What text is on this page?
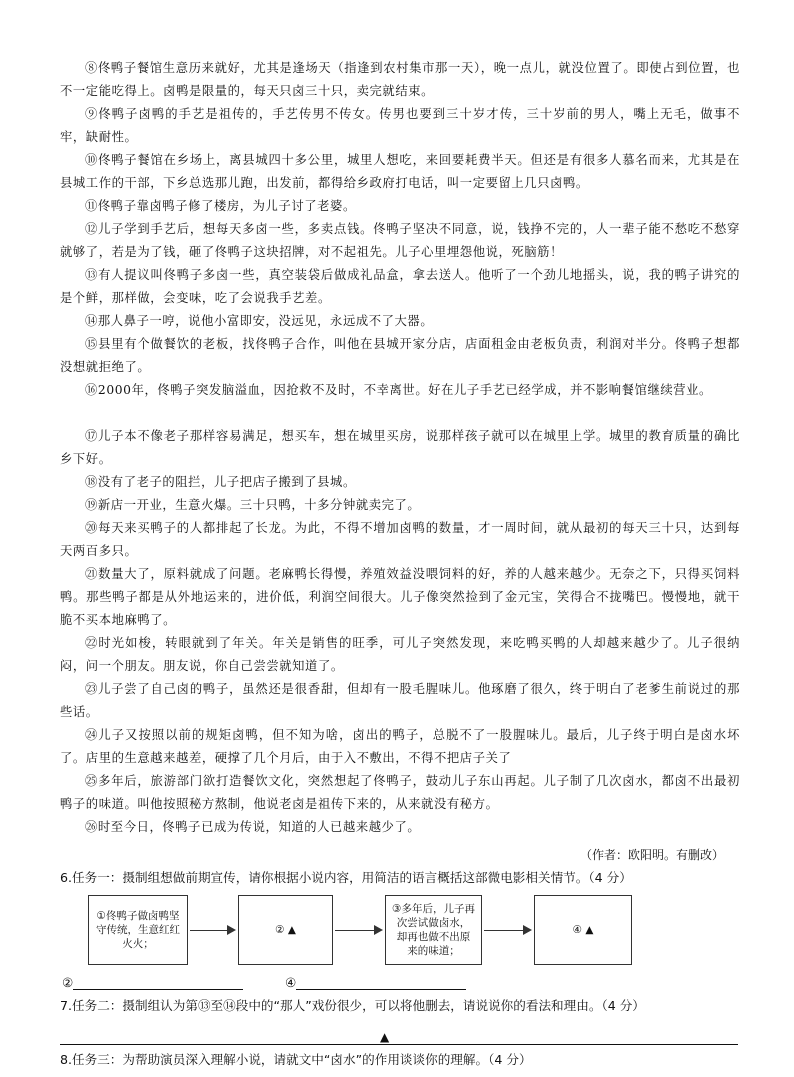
⑧佟鸭子餐馆生意历来就好，尤其是逢场天（指逢到农村集市那一天），晚一点儿，就没位置了。即使占到位置，也不一定能吃得上。卤鸭是限量的，每天只卤三十只，卖完就结束。

⑨佟鸭子卤鸭的手艺是祖传的，手艺传男不传女。传男也要到三十岁才传，三十岁前的男人，嘴上无毛，做事不牢，缺耐性。

⑩佟鸭子餐馆在乡场上，离县城四十多公里，城里人想吃，来回要耗费半天。但还是有很多人慕名而来，尤其是在县城工作的干部，下乡总选那儿跑，出发前，都得给乡政府打电话，叫一定要留上几只卤鸭。

⑪佟鸭子靠卤鸭子修了楼房，为儿子讨了老婆。

⑫儿子学到手艺后，想每天多卤一些，多卖点钱。佟鸭子坚决不同意，说，钱挣不完的，人一辈子能不愁吃不愁穿就够了，若是为了钱，砸了佟鸭子这块招牌，对不起祖先。儿子心里埋怨他说，死脑筋！

⑬有人提议叫佟鸭子多卤一些，真空装袋后做成礼品盒，拿去送人。他听了一个劲儿地摇头，说，我的鸭子讲究的是个鲜，那样做，会变味，吃了会说我手艺差。

⑭那人鼻子一哼，说他小富即安，没远见，永远成不了大器。

⑮县里有个做餐饮的老板，找佟鸭子合作，叫他在县城开家分店，店面租金由老板负责，利润对半分。佟鸭子想都没想就拒绝了。

⑯2000年，佟鸭子突发脑溢血，因抢救不及时，不幸离世。好在儿子手艺已经学成，并不影响餐馆继续营业。

⑰儿子本不像老子那样容易满足，想买车，想在城里买房，说那样孩子就可以在城里上学。城里的教育质量的确比乡下好。

⑱没有了老子的阻拦，儿子把店子搬到了县城。

⑲新店一开业，生意火爆。三十只鸭，十多分钟就卖完了。

⑳每天来买鸭子的人都排起了长龙。为此，不得不增加卤鸭的数量，才一周时间，就从最初的每天三十只，达到每天两百多只。

㉑数量大了，原料就成了问题。老麻鸭长得慢，养殖效益没喂饲料的好，养的人越来越少。无奈之下，只得买饲料鸭。那些鸭子都是从外地运来的，进价低，利润空间很大。儿子像突然捡到了金元宝，笑得合不拢嘴巴。慢慢地，就干脆不买本地麻鸭了。

㉒时光如梭，转眼就到了年关。年关是销售的旺季，可儿子突然发现，来吃鸭买鸭的人却越来越少了。儿子很纳闷，问一个朋友。朋友说，你自己尝尝就知道了。

㉓儿子尝了自己卤的鸭子，虽然还是很香甜，但却有一股毛腥味儿。他琢磨了很久，终于明白了老爹生前说过的那些话。

㉔儿子又按照以前的规矩卤鸭，但不知为啥，卤出的鸭子，总脱不了一股腥味儿。最后，儿子终于明白是卤水坏了。店里的生意越来越差，硬撑了几个月后，由于入不敷出，不得不把店子关了

㉕多年后，旅游部门欲打造餐饮文化，突然想起了佟鸭子，鼓动儿子东山再起。儿子制了几次卤水，都卤不出最初鸭子的味道。叫他按照秘方熬制，他说老卤是祖传下来的，从来就没有秘方。

㉖时至今日，佟鸭子已成为传说，知道的人已越来越少了。

（作者：欧阳明。有删改）

6.任务一：摄制组想做前期宣传，请你根据小说内容，用简洁的语言概括这部微电影相关情节。（4 分）

①佟鸭子做卤鸭坚守传统，生意红红火火；
② ▲
③多年后，儿子再次尝试做卤水，却再也做不出原来的味道；
④ ▲
②	④

7.任务二：摄制组认为第⑬至⑭段中的“那人”戏份很少，可以将他删去，请说说你的看法和理由。（4 分）

▲

8.任务三：为帮助演员深入理解小说，请就文中“卤水”的作用谈谈你的理解。（4 分）
